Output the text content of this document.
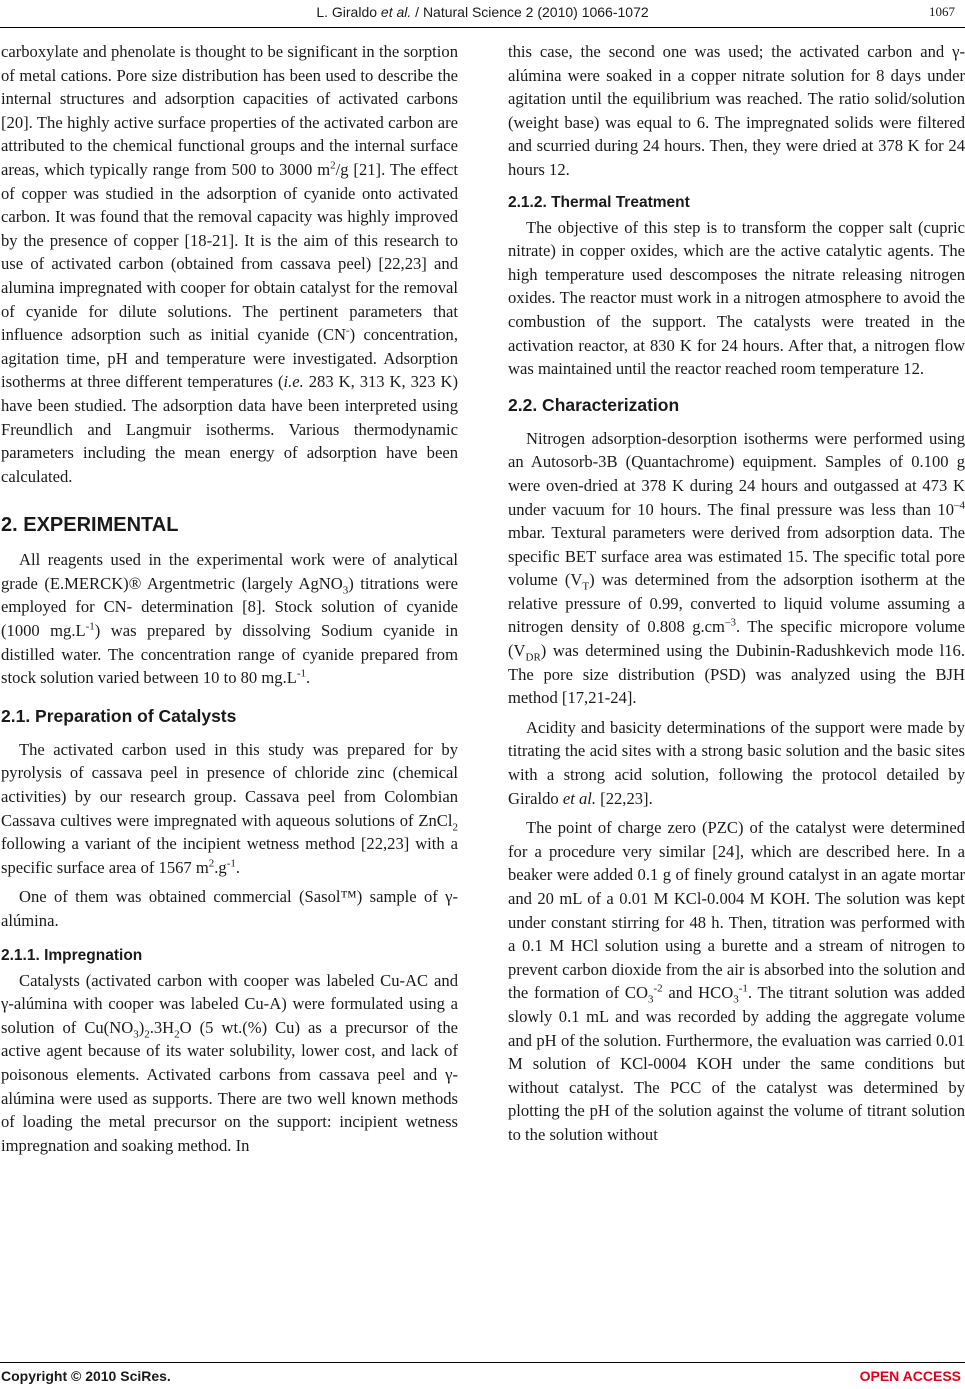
L. Giraldo et al. / Natural Science 2 (2010) 1066-1072	1067

carboxylate and phenolate is thought to be significant in the sorption of metal cations. Pore size distribution has been used to describe the internal structures and adsorption capacities of activated carbons [20]. The highly active surface properties of the activated carbon are attributed to the chemical functional groups and the internal surface areas, which typically range from 500 to 3000 $m^2/g$ [21]. The effect of copper was studied in the adsorption of cyanide onto activated carbon. It was found that the removal capacity was highly improved by the presence of copper [18-21]. It is the aim of this research to use of activated carbon (obtained from cassava peel) [22,23] and alumina impregnated with cooper for obtain catalyst for the removal of cyanide for dilute solutions. The pertinent parameters that influence adsorption such as initial cyanide (CN-) concentration, agitation time, pH and temperature were investigated. Adsorption isotherms at three different temperatures (i.e. 283 K, 313 K, 323 K) have been studied. The adsorption data have been interpreted using Freundlich and Langmuir isotherms. Various thermodynamic parameters including the mean energy of adsorption have been calculated.

2. EXPERIMENTAL

All reagents used in the experimental work were of analytical grade (E.MERCK)® Argentmetric (largely AgNO$_3$) titrations were employed for CN- determination [8]. Stock solution of cyanide (1000 $mg.L^{-1}$) was prepared by dissolving Sodium cyanide in distilled water. The concentration range of cyanide prepared from stock solution varied between 10 to 80 $mg.L^{-1}$.

2.1. Preparation of Catalysts

The activated carbon used in this study was prepared for by pyrolysis of cassava peel in presence of chloride zinc (chemical activities) by our research group. Cassava peel from Colombian Cassava cultives were impregnated with aqueous solutions of ZnCl$_2$ following a variant of the incipient wetness method [22,23] with a specific surface area of 1567 $m^2.g^{-1}$.

One of them was obtained commercial (Sasol™) sample of γ-alúmina.

2.1.1. Impregnation

Catalysts (activated carbon with cooper was labeled Cu-AC and γ-alúmina with cooper was labeled Cu-A) were formulated using a solution of $Cu(NO_3)_2.3H_2O$ (5 wt.(%) Cu) as a precursor of the active agent because of its water solubility, lower cost, and lack of poisonous elements. Activated carbons from cassava peel and γ-alúmina were used as supports. There are two well known methods of loading the metal precursor on the support: incipient wetness impregnation and soaking method. In

this case, the second one was used; the activated carbon and γ-alúmina were soaked in a copper nitrate solution for 8 days under agitation until the equilibrium was reached. The ratio solid/solution (weight base) was equal to 6. The impregnated solids were filtered and scurried during 24 hours. Then, they were dried at 378 K for 24 hours 12.

2.1.2. Thermal Treatment

The objective of this step is to transform the copper salt (cupric nitrate) in copper oxides, which are the active catalytic agents. The high temperature used descomposes the nitrate releasing nitrogen oxides. The reactor must work in a nitrogen atmosphere to avoid the combustion of the support. The catalysts were treated in the activation reactor, at 830 K for 24 hours. After that, a nitrogen flow was maintained until the reactor reached room temperature 12.

2.2. Characterization

Nitrogen adsorption-desorption isotherms were performed using an Autosorb-3B (Quantachrome) equipment. Samples of 0.100 g were oven-dried at 378 K during 24 hours and outgassed at 473 K under vacuum for 10 hours. The final pressure was less than $10^{-4}$ mbar. Textural parameters were derived from adsorption data. The specific BET surface area was estimated 15. The specific total pore volume $(V_T)$ was determined from the adsorption isotherm at the relative pressure of 0.99, converted to liquid volume assuming a nitrogen density of 0.808 $g.cm^{-3}$. The specific micropore volume $(V_{DR})$ was determined using the Dubinin-Radushkevich mode l16. The pore size distribution (PSD) was analyzed using the BJH method [17,21-24].

Acidity and basicity determinations of the support were made by titrating the acid sites with a strong basic solution and the basic sites with a strong acid solution, following the protocol detailed by Giraldo et al. [22,23].

The point of charge zero (PZC) of the catalyst were determined for a procedure very similar [24], which are described here. In a beaker were added 0.1 g of finely ground catalyst in an agate mortar and 20 mL of a 0.01 M KCl-0.004 M KOH. The solution was kept under constant stirring for 48 h. Then, titration was performed with a 0.1 M HCl solution using a burette and a stream of nitrogen to prevent carbon dioxide from the air is absorbed into the solution and the formation of $CO_3^{-2}$ and $HCO_3^{-1}$. The titrant solution was added slowly 0.1 mL and was recorded by adding the aggregate volume and pH of the solution. Furthermore, the evaluation was carried 0.01 M solution of KCl-0004 KOH under the same conditions but without catalyst. The PCC of the catalyst was determined by plotting the pH of the solution against the volume of titrant solution to the solution without

Copyright © 2010 SciRes.	OPEN ACCESS
